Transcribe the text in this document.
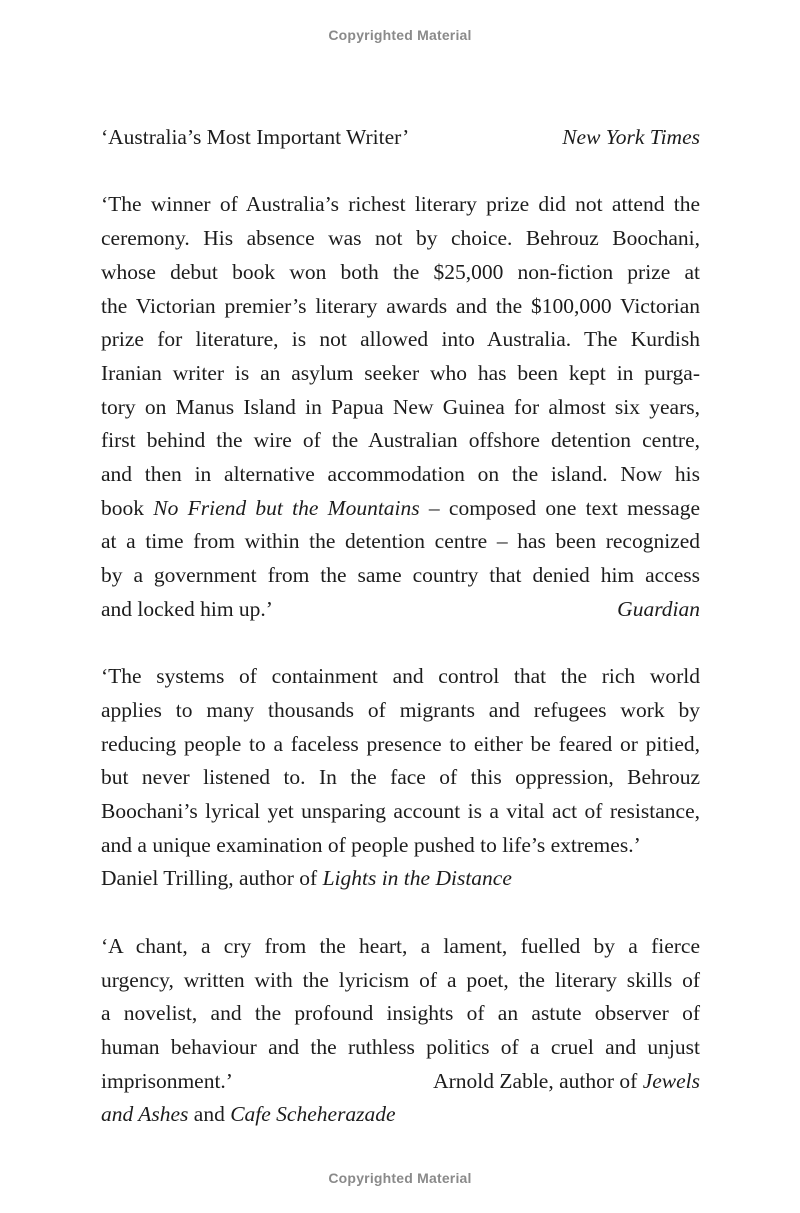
Copyrighted Material
‘Australia’s Most Important Writer’	New York Times

‘The winner of Australia’s richest literary prize did not attend the

ceremony. His absence was not by choice. Behrouz Boochani,

whose debut book won both the $25,000 non-fiction prize at

the Victorian premier’s literary awards and the $100,000 Victorian

prize for literature, is not allowed into Australia. The Kurdish

Iranian writer is an asylum seeker who has been kept in purga-

tory on Manus Island in Papua New Guinea for almost six years,

first behind the wire of the Australian offshore detention centre,

and then in alternative accommodation on the island. Now his

book No Friend but the Mountains – composed one text message

at a time from within the detention centre – has been recognized

by a government from the same country that denied him access

and locked him up.’	Guardian

‘The systems of containment and control that the rich world

applies to many thousands of migrants and refugees work by

reducing people to a faceless presence to either be feared or pitied,

but never listened to. In the face of this oppression, Behrouz

Boochani’s lyrical yet unsparing account is a vital act of resistance,

and a unique examination of people pushed to life’s extremes.’

Daniel Trilling, author of Lights in the Distance

‘A chant, a cry from the heart, a lament, fuelled by a fierce

urgency, written with the lyricism of a poet, the literary skills of

a novelist, and the profound insights of an astute observer of

human behaviour and the ruthless politics of a cruel and unjust

imprisonment.’	Arnold Zable, author of Jewels

and Ashes and Cafe Scheherazade

Copyrighted Material
